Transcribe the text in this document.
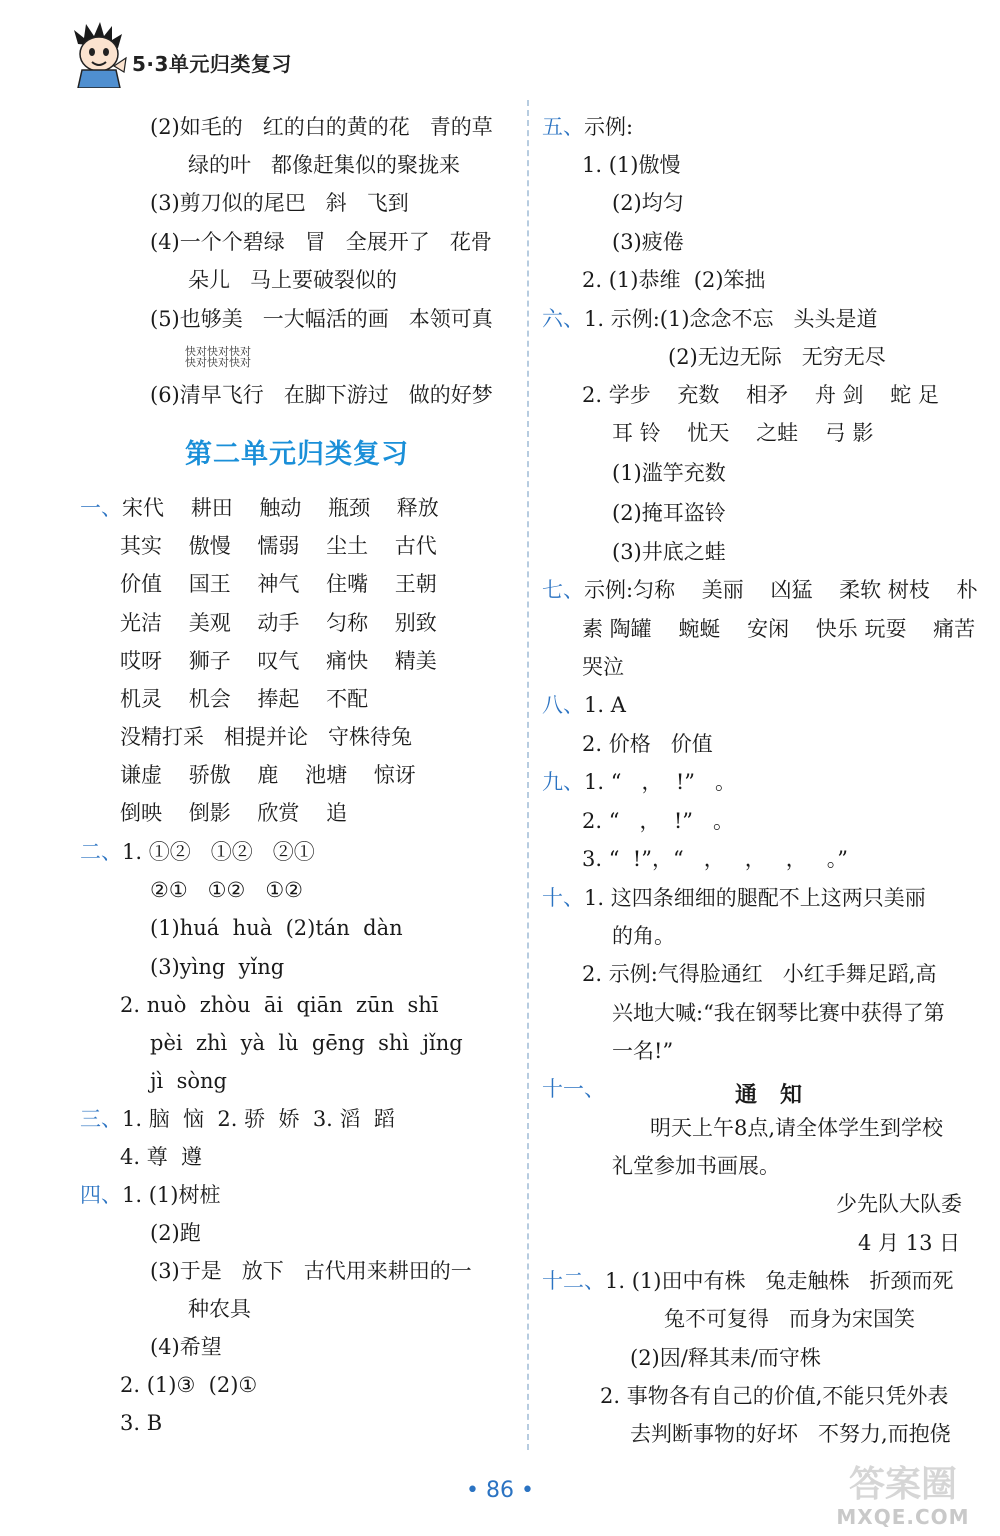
5·3单元归类复习
第二单元归类复习
(2)如毛的   红的白的黄的花   青的草
绿的叶   都像赶集似的聚拢来
(3)剪刀似的尾巴   斜   飞到
(4)一个个碧绿   冒   全展开了   花骨
朵儿   马上要破裂似的
(5)也够美   一大幅活的画   本领可真
(6)清早飞行   在脚下游过   做的好梦
一、宋代    耕田    触动    瓶颈    释放
其实    傲慢    懦弱    尘土    古代
价值    国王    神气    住嘴    王朝
光洁    美观    动手    匀称    别致
哎呀    狮子    叹气    痛快    精美
机灵    机会    捧起    不配
没精打采   相提并论   守株待兔
谦虚    骄傲    鹿    池塘    惊讶
倒映    倒影    欣赏    追
二、1. ①②   ①②   ②①
②①   ①②   ①②
(1)huá  huà  (2)tán  dàn
(3)yìng  yǐng
2. nuò  zhòu  āi  qiān  zūn  shī
pèi  zhì  yà  lù  gēng  shì  jǐng
jì  sòng
三、1. 脑  恼  2. 骄  娇  3. 滔  蹈
4. 尊  遵
四、1. (1)树桩
(2)跑
(3)于是   放下   古代用来耕田的一
种农具
(4)希望
2. (1)③  (2)①
3. B
快对快对快对
快对快对快对
通   知
五、示例:
1. (1)傲慢
(2)均匀
(3)疲倦
2. (1)恭维  (2)笨拙
六、1. 示例:(1)念念不忘   头头是道
(2)无边无际   无穷无尽
2. 学步    充数    相矛    舟 剑    蛇 足
耳 铃    忧天    之蛙    弓 影
(1)滥竽充数
(2)掩耳盗铃
(3)井底之蛙
七、示例:匀称    美丽    凶猛    柔软 树枝    朴
素 陶罐    蜿蜒    安闲    快乐 玩耍    痛苦
哭泣
八、1. A
2. 价格   价值
九、1. “   ，  !”   。
2. “   ，  !”   。
3. “  !”，“   ，   ，   ，   。”
十、1. 这四条细细的腿配不上这两只美丽
的角。
2. 示例:气得脸通红   小红手舞足蹈,高
兴地大喊:“我在钢琴比赛中获得了第
一名!”
十一、
明天上午8点,请全体学生到学校
礼堂参加书画展。
少先队大队委
4 月 13 日
十二、1. (1)田中有株   兔走触株   折颈而死
兔不可复得   而身为宋国笑
(2)因/释其耒/而守株
2. 事物各有自己的价值,不能只凭外表
去判断事物的好坏   不努力,而抱侥
• 86 •	答案圈
MXQE.COM
